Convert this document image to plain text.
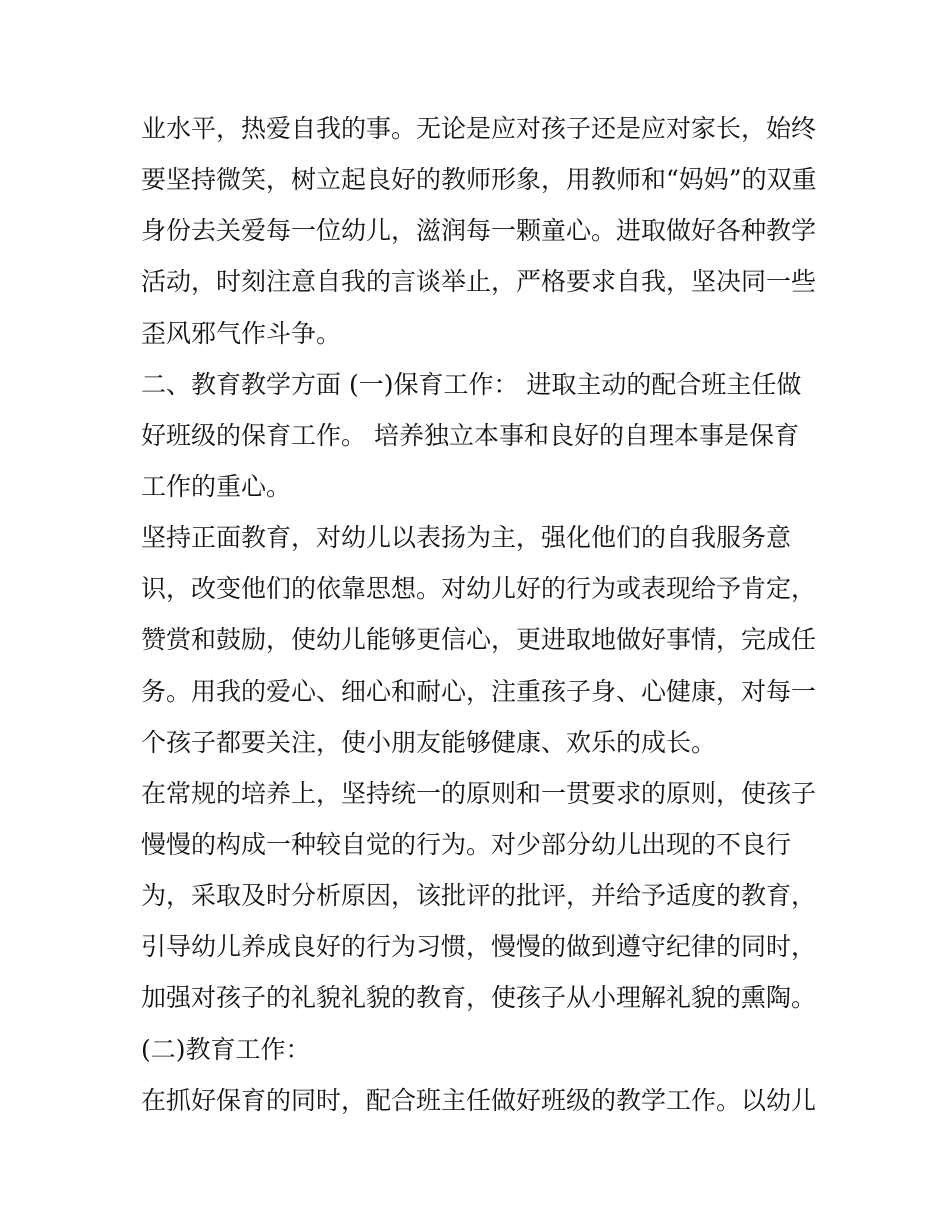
业水平，热爱自我的事。无论是应对孩子还是应对家长，始终
要坚持微笑，树立起良好的教师形象，用教师和“妈妈”的双重
身份去关爱每一位幼儿，滋润每一颗童心。进取做好各种教学
活动，时刻注意自我的言谈举止，严格要求自我，坚决同一些
歪风邪气作斗争。
二、教育教学方面 (一)保育工作： 进取主动的配合班主任做
好班级的保育工作。 培养独立本事和良好的自理本事是保育
工作的重心。
坚持正面教育，对幼儿以表扬为主，强化他们的自我服务意
识，改变他们的依靠思想。对幼儿好的行为或表现给予肯定，
赞赏和鼓励，使幼儿能够更信心，更进取地做好事情，完成任
务。用我的爱心、细心和耐心，注重孩子身、心健康，对每一
个孩子都要关注，使小朋友能够健康、欢乐的成长。
在常规的培养上，坚持统一的原则和一贯要求的原则，使孩子
慢慢的构成一种较自觉的行为。对少部分幼儿出现的不良行
为，采取及时分析原因，该批评的批评，并给予适度的教育，
引导幼儿养成良好的行为习惯，慢慢的做到遵守纪律的同时，
加强对孩子的礼貌礼貌的教育，使孩子从小理解礼貌的熏陶。
(二)教育工作：
在抓好保育的同时，配合班主任做好班级的教学工作。以幼儿
